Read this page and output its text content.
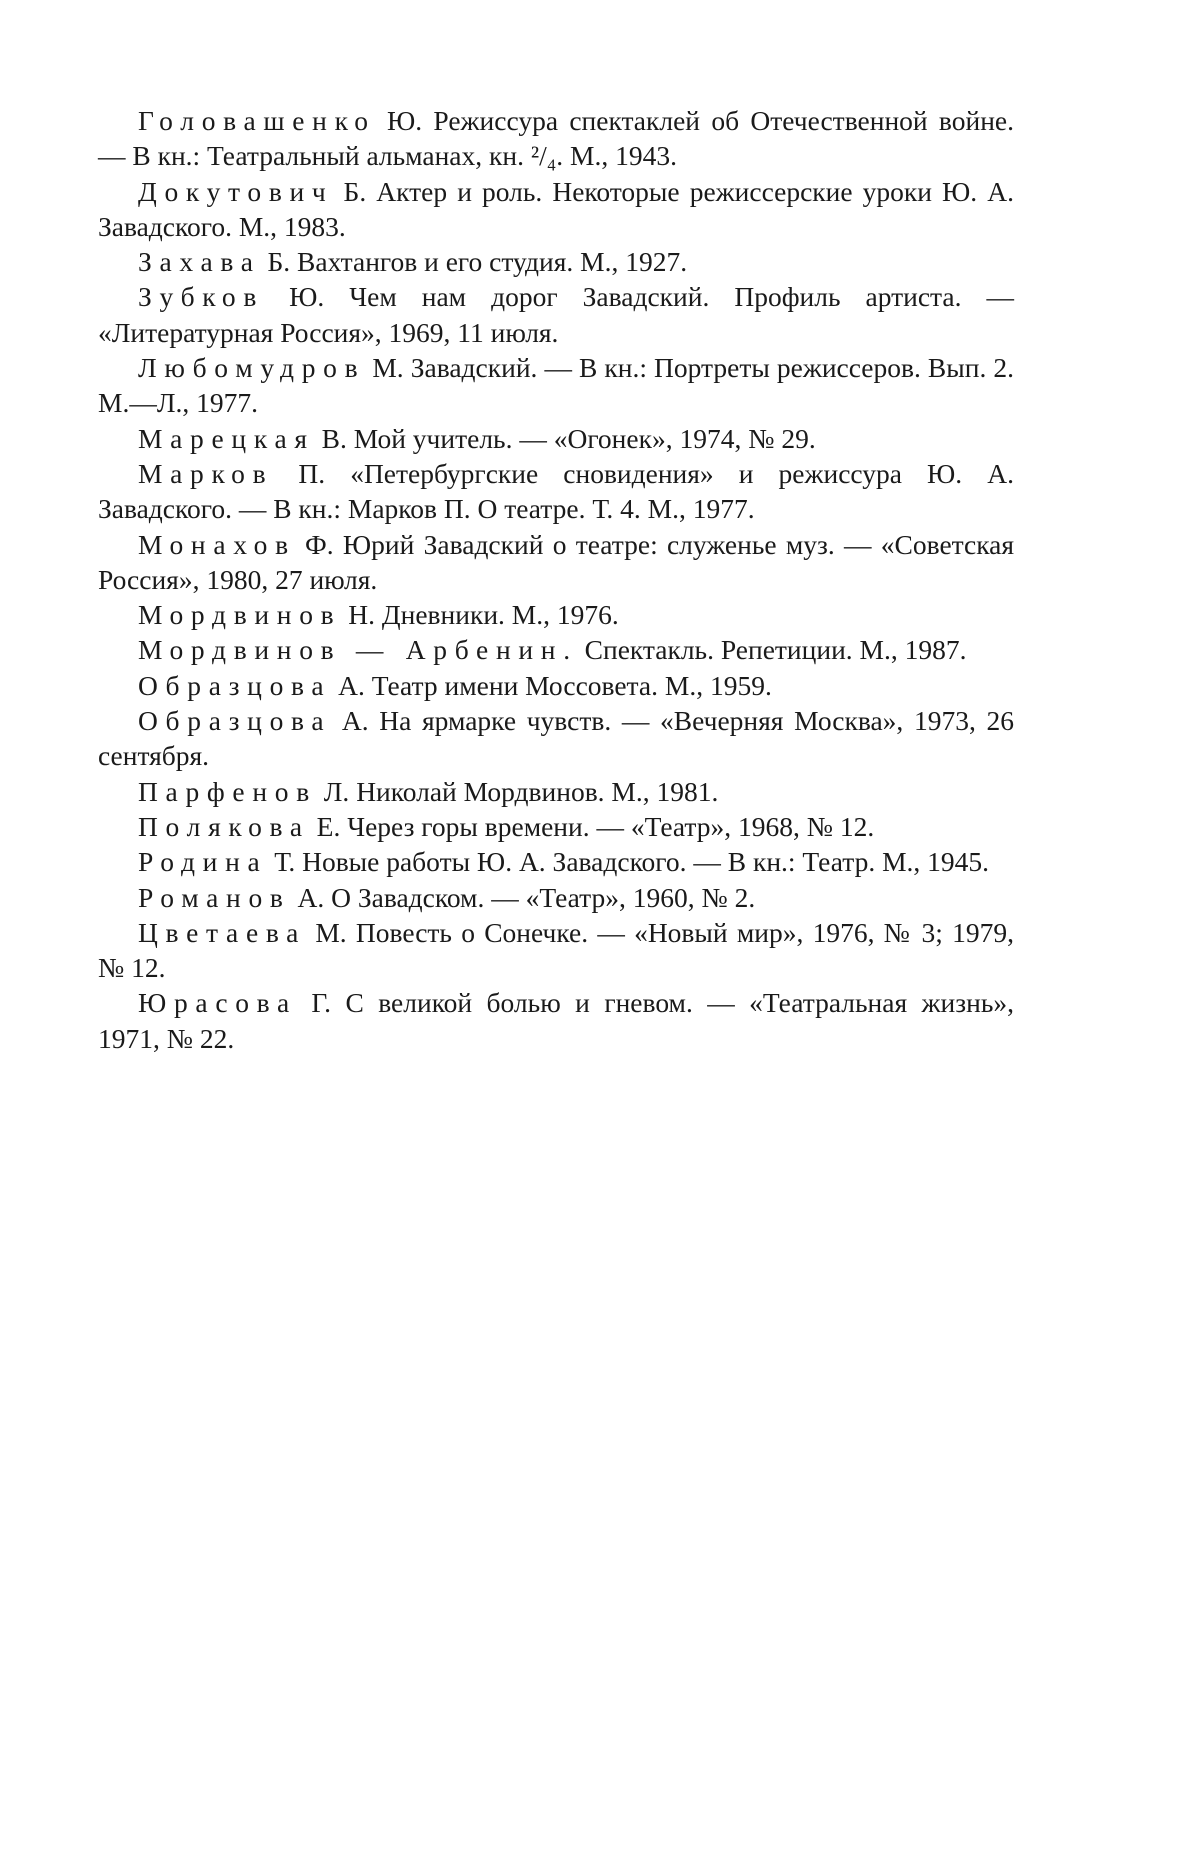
Головашенко Ю. Режиссура спектаклей об Отечественной войне. — В кн.: Театральный альманах, кн. ²/₄. М., 1943.

Докутович Б. Актер и роль. Некоторые режиссерские уроки Ю. А. Завадского. М., 1983.

Захава Б. Вахтангов и его студия. М., 1927.

Зубков Ю. Чем нам дорог Завадский. Профиль артиста. — «Литературная Россия», 1969, 11 июля.

Любомудров М. Завадский. — В кн.: Портреты режиссеров. Вып. 2. М.—Л., 1977.

Марецкая В. Мой учитель. — «Огонек», 1974, № 29.

Марков П. «Петербургские сновидения» и режиссура Ю. А. Завадского. — В кн.: Марков П. О театре. Т. 4. М., 1977.

Монахов Ф. Юрий Завадский о театре: служенье муз. — «Советская Россия», 1980, 27 июля.

Мордвинов Н. Дневники. М., 1976.

Мордвинов — Арбенин. Спектакль. Репетиции. М., 1987.

Образцова А. Театр имени Моссовета. М., 1959.

Образцова А. На ярмарке чувств. — «Вечерняя Москва», 1973, 26 сентября.

Парфенов Л. Николай Мордвинов. М., 1981.

Полякова Е. Через горы времени. — «Театр», 1968, № 12.

Родина Т. Новые работы Ю. А. Завадского. — В кн.: Театр. М., 1945.

Романов А. О Завадском. — «Театр», 1960, № 2.

Цветаева М. Повесть о Сонечке. — «Новый мир», 1976, № 3; 1979, № 12.

Юрасова Г. С великой болью и гневом. — «Театральная жизнь», 1971, № 22.
